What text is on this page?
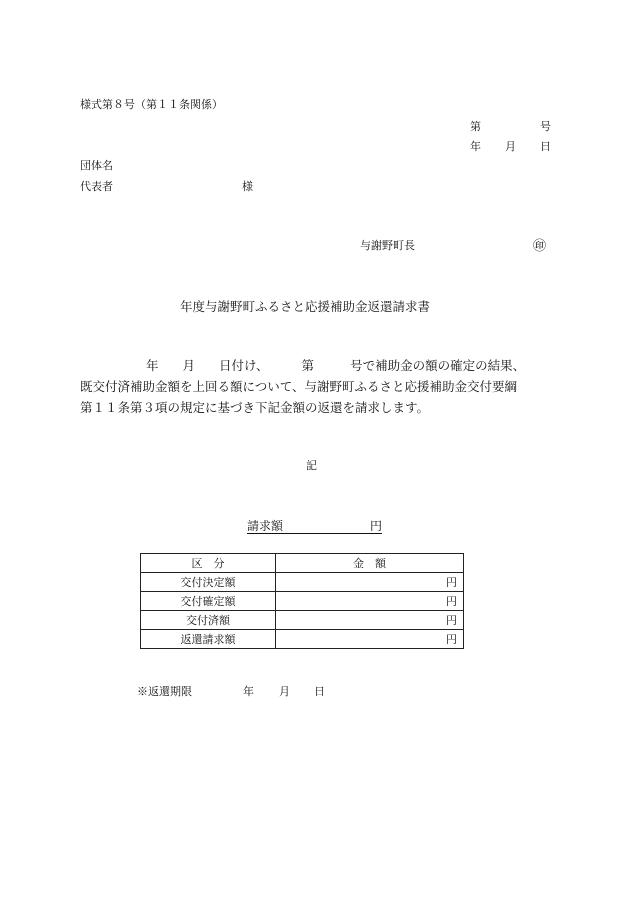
様式第８号（第１１条関係）
第	号
年 月 日
団体名
代表者	様
与謝野町長	㊞
年度与謝野町ふるさと応援補助金返還請求書
年 月 日付け、	第	号で補助金の額の確定の結果、
既交付済補助金額を上回る額について、与謝野町ふるさと応援補助金交付要綱
第１１条第３項の規定に基づき下記金額の返還を請求します。
記
請求額	円
区　分	金　額
交付決定額	円
交付確定額	円
交付済額	円
返還請求額	円
※返還期限	年 月 日
